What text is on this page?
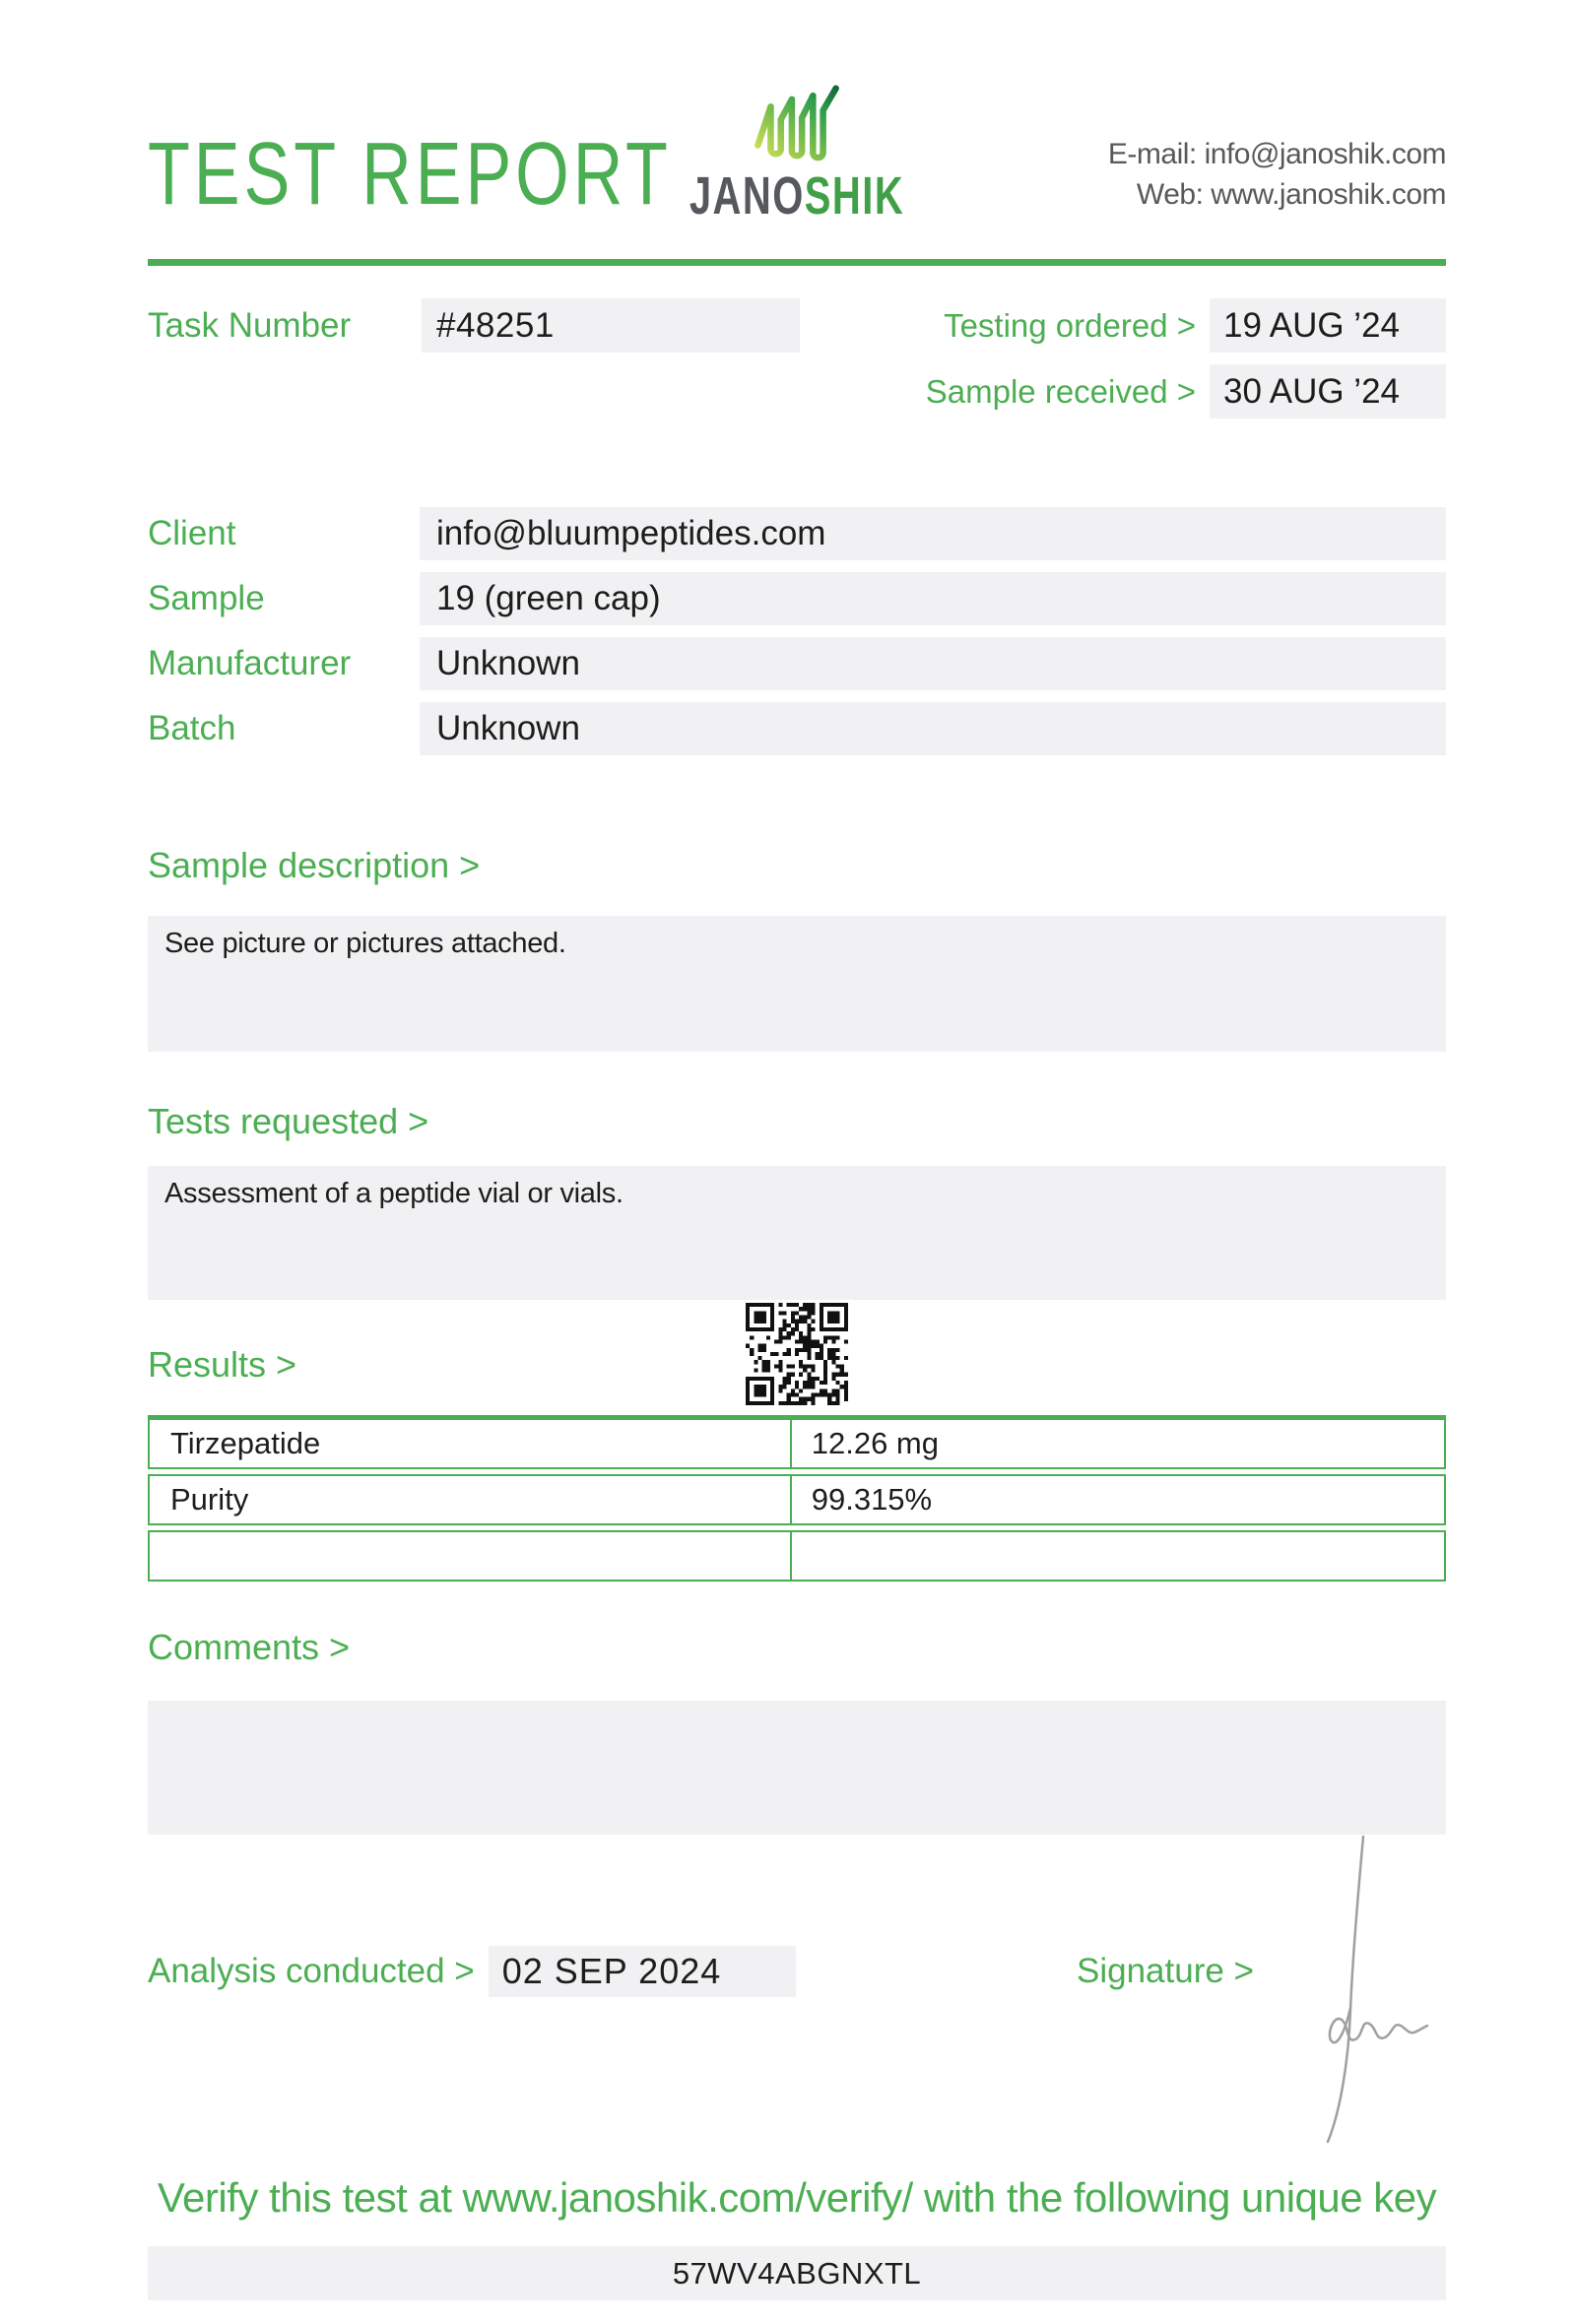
TEST REPORT JANOSHIK
E-mail: info@janoshik.com
Web: www.janoshik.com
Task Number	#48251	Testing ordered > 19 AUG ’24
Sample received > 30 AUG ’24
Client	info@bluumpeptides.com
Sample	19 (green cap)
Manufacturer	Unknown
Batch	Unknown
Sample description >
See picture or pictures attached.
Tests requested >
Assessment of a peptide vial or vials.
Results >
Tirzepatide	12.26 mg
Purity	99.315%
Comments >
Analysis conducted > 02 SEP 2024	Signature >
Verify this test at www.janoshik.com/verify/ with the following unique key
57WV4ABGNXTL
